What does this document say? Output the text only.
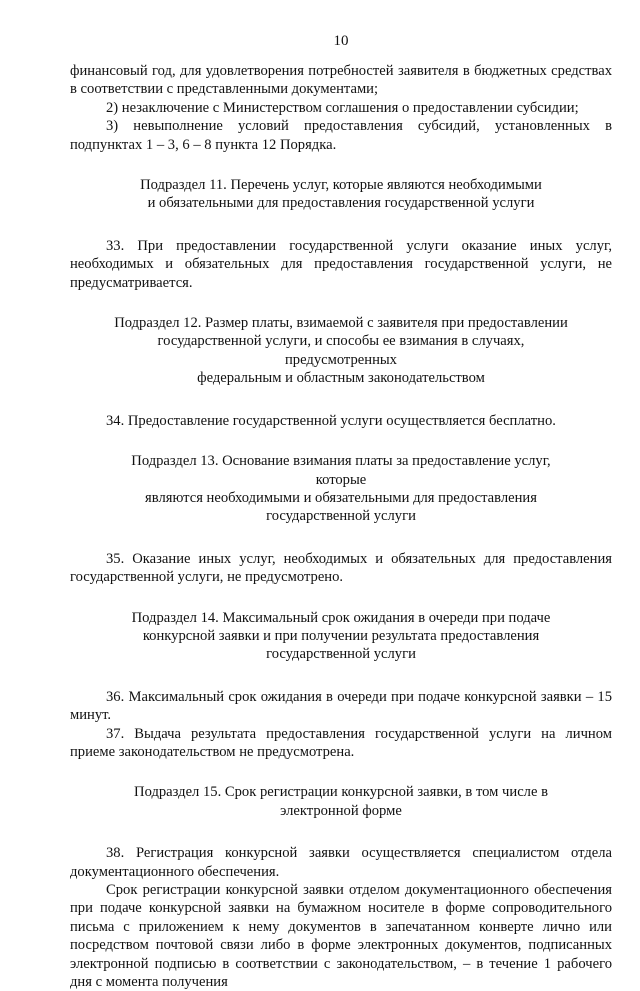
10

финансовый год, для удовлетворения потребностей заявителя в бюджетных средствах в соответствии с представленными документами;

2) незаключение с Министерством соглашения о предоставлении субсидии;

3) невыполнение условий предоставления субсидий, установленных в подпунктах 1 – 3, 6 – 8 пункта 12 Порядка.

Подраздел 11. Перечень услуг, которые являются необходимыми
и обязательными для предоставления государственной услуги

33. При предоставлении государственной услуги оказание иных услуг, необходимых и обязательных для предоставления государственной услуги, не предусматривается.

Подраздел 12. Размер платы, взимаемой с заявителя при предоставлении
государственной услуги, и способы ее взимания в случаях, предусмотренных
федеральным и областным законодательством

34. Предоставление государственной услуги осуществляется бесплатно.

Подраздел 13. Основание взимания платы за предоставление услуг, которые
являются необходимыми и обязательными для предоставления
государственной услуги

35. Оказание иных услуг, необходимых и обязательных для предоставления государственной услуги, не предусмотрено.

Подраздел 14. Максимальный срок ожидания в очереди при подаче
конкурсной заявки и при получении результата предоставления
государственной услуги

36. Максимальный срок ожидания в очереди при подаче конкурсной заявки – 15 минут.

37. Выдача результата предоставления государственной услуги на личном приеме законодательством не предусмотрена.

Подраздел 15. Срок регистрации конкурсной заявки, в том числе в
электронной форме

38. Регистрация конкурсной заявки осуществляется специалистом отдела документационного обеспечения.

Срок регистрации конкурсной заявки отделом документационного обеспечения при подаче конкурсной заявки на бумажном носителе в форме сопроводительного письма с приложением к нему документов в запечатанном конверте лично или посредством почтовой связи либо в форме электронных документов, подписанных электронной подписью в соответствии с законодательством, – в течение 1 рабочего дня с момента получения
